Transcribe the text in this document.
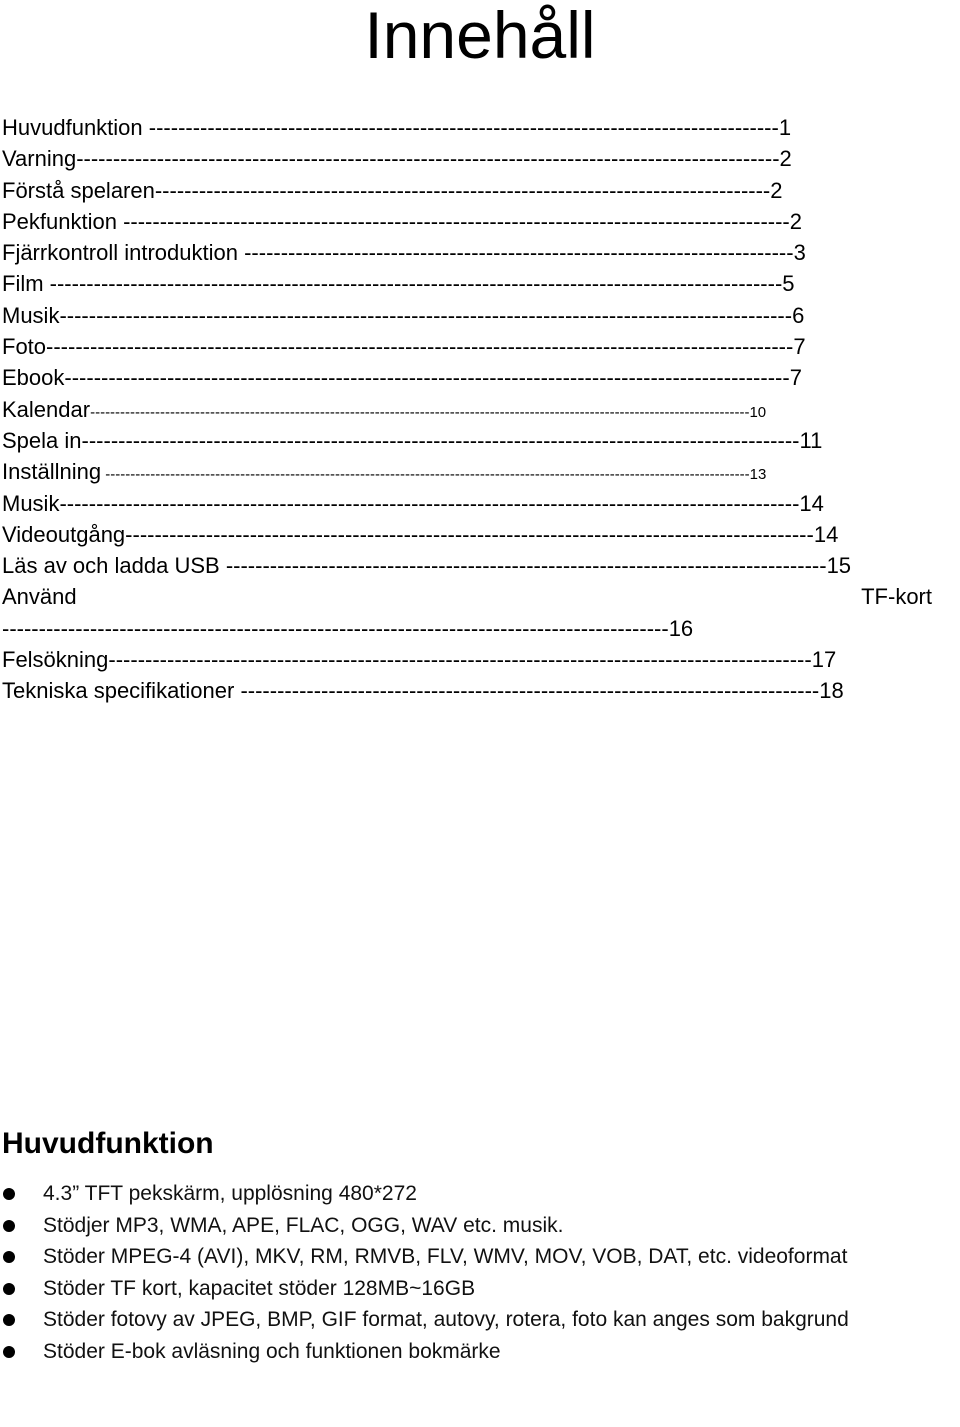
Innehåll
Huvudfunktion --------------------------------------------------------------------------------------1
Varning------------------------------------------------------------------------------------------------2
Förstå spelaren------------------------------------------------------------------------------------2
Pekfunktion -------------------------------------------------------------------------------------------2
Fjärrkontroll introduktion ---------------------------------------------------------------------------3
Film ----------------------------------------------------------------------------------------------------5
Musik----------------------------------------------------------------------------------------------------6
Foto------------------------------------------------------------------------------------------------------7
Ebook---------------------------------------------------------------------------------------------------7
Kalendar------------------------------------------------------------------------------------------------------------------------------------10
Spela in--------------------------------------------------------------------------------------------------11
Inställning ---------------------------------------------------------------------------------------------------------------------------------13
Musik-----------------------------------------------------------------------------------------------------14
Videoutgång----------------------------------------------------------------------------------------------14
Läs av och ladda USB ----------------------------------------------------------------------------------15
Använd	TF-kort
-------------------------------------------------------------------------------------------16
Felsökning------------------------------------------------------------------------------------------------17
Tekniska specifikationer -------------------------------------------------------------------------------18
Huvudfunktion
4.3” TFT pekskärm, upplösning 480*272
Stödjer MP3, WMA, APE, FLAC, OGG, WAV etc. musik.
Stöder MPEG-4 (AVI), MKV, RM, RMVB, FLV, WMV, MOV, VOB, DAT, etc. videoformat
Stöder TF kort, kapacitet stöder 128MB~16GB
Stöder fotovy av JPEG, BMP, GIF format, autovy, rotera, foto kan anges som bakgrund
Stöder E-bok avläsning och funktionen bokmärke
